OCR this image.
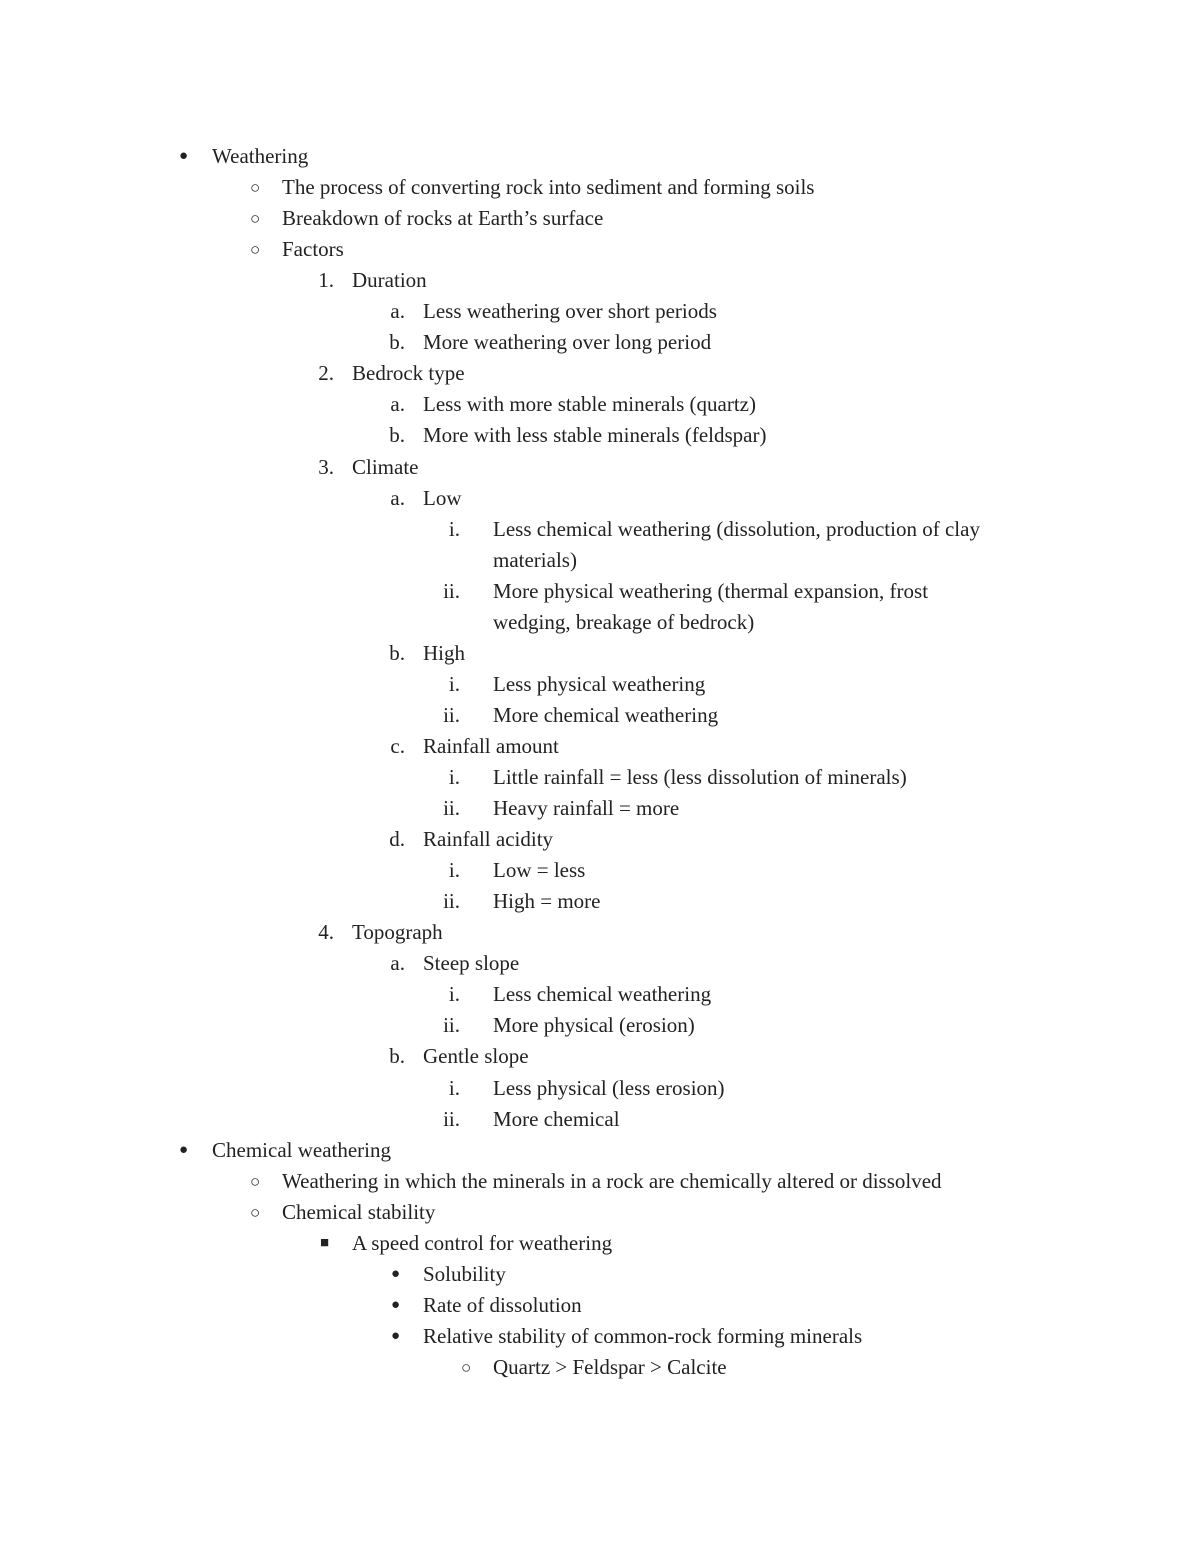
● Weathering
○ The process of converting rock into sediment and forming soils
○ Breakdown of rocks at Earth’s surface
○ Factors
1. Duration
a. Less weathering over short periods
b. More weathering over long period
2. Bedrock type
a. Less with more stable minerals (quartz)
b. More with less stable minerals (feldspar)
3. Climate
a. Low
i. Less chemical weathering (dissolution, production of clay
materials)
ii. More physical weathering (thermal expansion, frost
wedging, breakage of bedrock)
b. High
i. Less physical weathering
ii. More chemical weathering
c. Rainfall amount
i. Little rainfall = less (less dissolution of minerals)
ii. Heavy rainfall = more
d. Rainfall acidity
i. Low = less
ii. High = more
4. Topograph
a. Steep slope
i. Less chemical weathering
ii. More physical (erosion)
b. Gentle slope
i. Less physical (less erosion)
ii. More chemical
● Chemical weathering
○ Weathering in which the minerals in a rock are chemically altered or dissolved
○ Chemical stability
■ A speed control for weathering
● Solubility
● Rate of dissolution
● Relative stability of common-rock forming minerals
○ Quartz > Feldspar > Calcite
